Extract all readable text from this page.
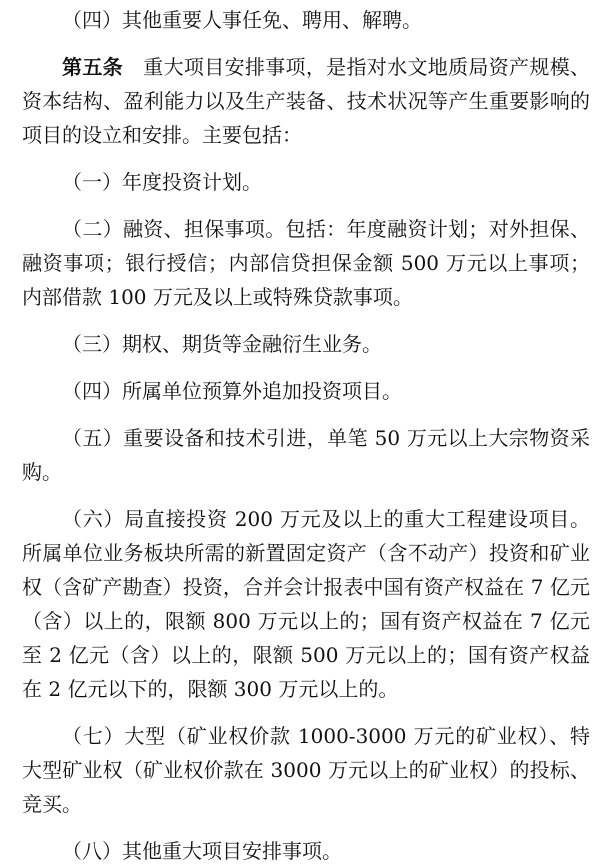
（四）其他重要人事任免、聘用、解聘。

第五条　重大项目安排事项，是指对水文地质局资产规模、资本结构、盈利能力以及生产装备、技术状况等产生重要影响的项目的设立和安排。主要包括：

（一）年度投资计划。

（二）融资、担保事项。包括：年度融资计划；对外担保、融资事项；银行授信；内部信贷担保金额 500 万元以上事项；内部借款 100 万元及以上或特殊贷款事项。

（三）期权、期货等金融衍生业务。

（四）所属单位预算外追加投资项目。

（五）重要设备和技术引进，单笔 50 万元以上大宗物资采购。

（六）局直接投资 200 万元及以上的重大工程建设项目。所属单位业务板块所需的新置固定资产（含不动产）投资和矿业权（含矿产勘查）投资，合并会计报表中国有资产权益在 7 亿元（含）以上的，限额 800 万元以上的；国有资产权益在 7 亿元至 2 亿元（含）以上的，限额 500 万元以上的；国有资产权益在 2 亿元以下的，限额 300 万元以上的。

（七）大型（矿业权价款 1000-3000 万元的矿业权）、特大型矿业权（矿业权价款在 3000 万元以上的矿业权）的投标、竞买。

（八）其他重大项目安排事项。
